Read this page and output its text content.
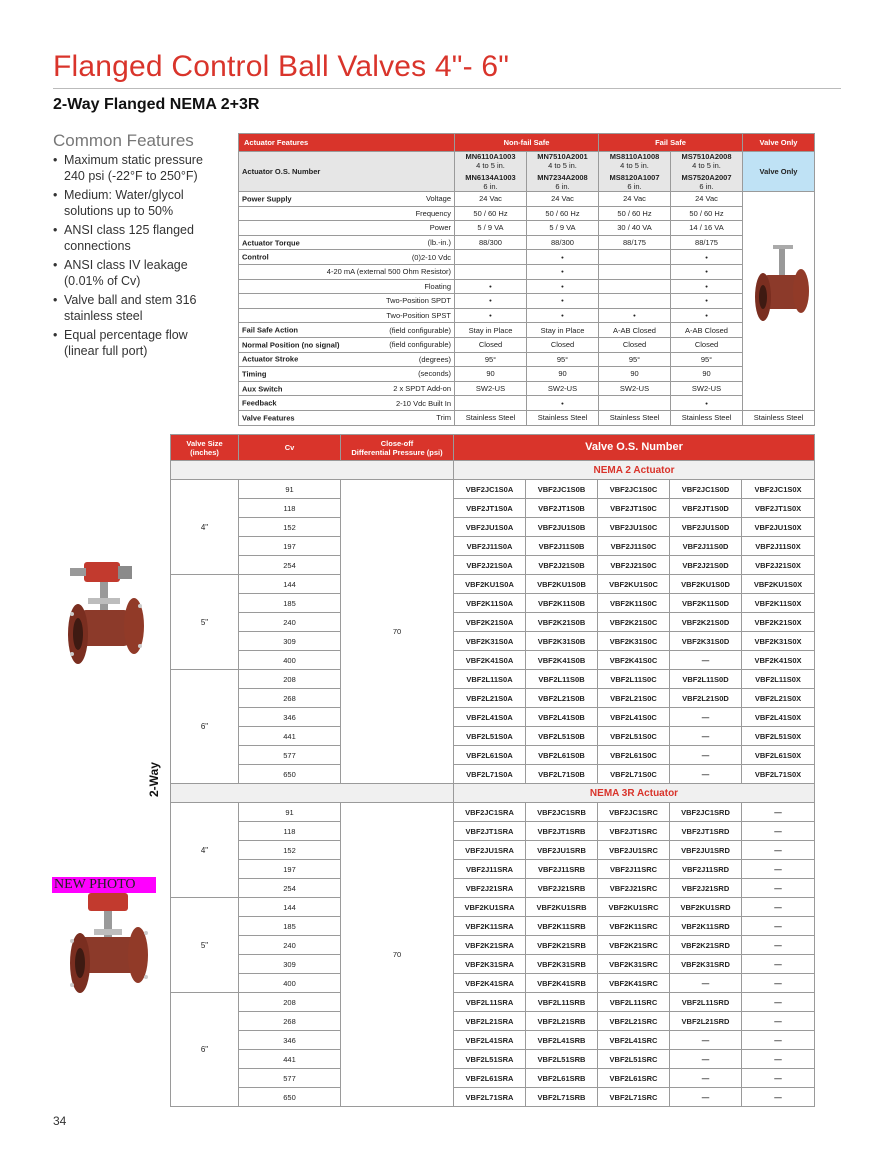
Flanged Control Ball Valves 4"- 6"
2-Way Flanged NEMA 2+3R
Common Features
• Maximum static pressure 240 psi (-22°F to 250°F)
• Medium: Water/glycol solutions up to 50%
• ANSI class 125 flanged connections
• ANSI class IV leakage (0.01% of Cv)
• Valve ball and stem 316 stainless steel
• Equal percentage flow (linear full port)
Actuator Features	Non-fail Safe		Fail Safe		Valve Only
Actuator O.S. Number	MN6110A1003
4 to 5 in.
MN6134A1003
6 in.	MN7510A2001
4 to 5 in.
MN7234A2008
6 in.	MS8110A1008
4 to 5 in.
MS8120A1007
6 in.	MS7510A2008
4 to 5 in.
MS7520A2007
6 in.	Valve Only

Power Supply Voltage	24 Vac	24 Vac	24 Vac	24 Vac	
Frequency	50 / 60 Hz	50 / 60 Hz	50 / 60 Hz	50 / 60 Hz	
Power	5 / 9 VA	5 / 9 VA	30 / 40 VA	14 / 16 VA	

Actuator Torque (lb.-in.)	88/300	88/300	88/175	88/175	

Control (0)2-10 Vdc		•		•	
4-20 mA (external 500 Ohm Resistor)		•		•	
Floating	•	•		•	
Two-Position SPDT	•	•		•	
Two-Position SPST	•	•	•	•	

Fail Safe Action (field configurable)	Stay in Place	Stay in Place	A-AB Closed	A-AB Closed	

Normal Position (no signal) (field configurable)	Closed	Closed	Closed	Closed	

Actuator Stroke (degrees)	95°	95°	95°	95°	

Timing (seconds)	90	90	90	90	

Aux Switch 2 x SPDT Add-on	SW2-US	SW2-US	SW2-US	SW2-US	

Feedback 2-10 Vdc Built In		•		•	

Valve Features Trim	Stainless Steel	Stainless Steel	Stainless Steel	Stainless Steel	Stainless Steel
Valve Size
(inches)	Cv	Close-off
Differential Pressure (psi)	Valve O.S. Number				
			NEMA 2 Actuator				
4"	91	70	VBF2JC1S0A	VBF2JC1S0B	VBF2JC1S0C	VBF2JC1S0D	VBF2JC1S0X
	118		VBF2JT1S0A	VBF2JT1S0B	VBF2JT1S0C	VBF2JT1S0D	VBF2JT1S0X
	152		VBF2JU1S0A	VBF2JU1S0B	VBF2JU1S0C	VBF2JU1S0D	VBF2JU1S0X
	197		VBF2J11S0A	VBF2J11S0B	VBF2J11S0C	VBF2J11S0D	VBF2J11S0X
	254		VBF2J21S0A	VBF2J21S0B	VBF2J21S0C	VBF2J21S0D	VBF2J21S0X
5"	144		VBF2KU1S0A	VBF2KU1S0B	VBF2KU1S0C	VBF2KU1S0D	VBF2KU1S0X
	185		VBF2K11S0A	VBF2K11S0B	VBF2K11S0C	VBF2K11S0D	VBF2K11S0X
	240		VBF2K21S0A	VBF2K21S0B	VBF2K21S0C	VBF2K21S0D	VBF2K21S0X
	309		VBF2K31S0A	VBF2K31S0B	VBF2K31S0C	VBF2K31S0D	VBF2K31S0X
	400		VBF2K41S0A	VBF2K41S0B	VBF2K41S0C	—	VBF2K41S0X
6"	208		VBF2L11S0A	VBF2L11S0B	VBF2L11S0C	VBF2L11S0D	VBF2L11S0X
	268		VBF2L21S0A	VBF2L21S0B	VBF2L21S0C	VBF2L21S0D	VBF2L21S0X
	346		VBF2L41S0A	VBF2L41S0B	VBF2L41S0C	—	VBF2L41S0X
	441		VBF2L51S0A	VBF2L51S0B	VBF2L51S0C	—	VBF2L51S0X
	577		VBF2L61S0A	VBF2L61S0B	VBF2L61S0C	—	VBF2L61S0X
	650		VBF2L71S0A	VBF2L71S0B	VBF2L71S0C	—	VBF2L71S0X
			NEMA 3R Actuator				
4"	91	70	VBF2JC1SRA	VBF2JC1SRB	VBF2JC1SRC	VBF2JC1SRD	—
	118		VBF2JT1SRA	VBF2JT1SRB	VBF2JT1SRC	VBF2JT1SRD	—
	152		VBF2JU1SRA	VBF2JU1SRB	VBF2JU1SRC	VBF2JU1SRD	—
	197		VBF2J11SRA	VBF2J11SRB	VBF2J11SRC	VBF2J11SRD	—
	254		VBF2J21SRA	VBF2J21SRB	VBF2J21SRC	VBF2J21SRD	—
5"	144		VBF2KU1SRA	VBF2KU1SRB	VBF2KU1SRC	VBF2KU1SRD	—
	185		VBF2K11SRA	VBF2K11SRB	VBF2K11SRC	VBF2K11SRD	—
	240		VBF2K21SRA	VBF2K21SRB	VBF2K21SRC	VBF2K21SRD	—
	309		VBF2K31SRA	VBF2K31SRB	VBF2K31SRC	VBF2K31SRD	—
	400		VBF2K41SRA	VBF2K41SRB	VBF2K41SRC	—	—
6"	208		VBF2L11SRA	VBF2L11SRB	VBF2L11SRC	VBF2L11SRD	—
	268		VBF2L21SRA	VBF2L21SRB	VBF2L21SRC	VBF2L21SRD	—
	346		VBF2L41SRA	VBF2L41SRB	VBF2L41SRC	—	—
	441		VBF2L51SRA	VBF2L51SRB	VBF2L51SRC	—	—
	577		VBF2L61SRA	VBF2L61SRB	VBF2L61SRC	—	—
	650		VBF2L71SRA	VBF2L71SRB	VBF2L71SRC	—	—
2-Way
NEW PHOTO
34
